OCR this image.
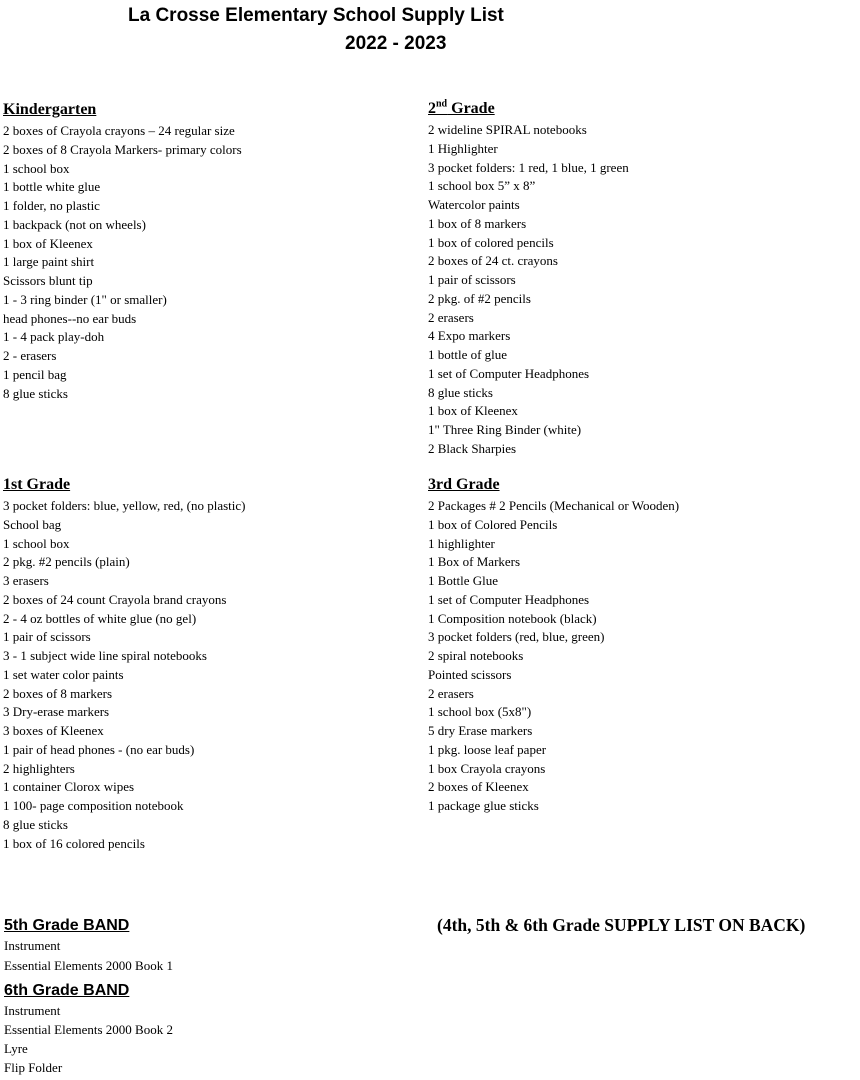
La Crosse Elementary School Supply List
2022 - 2023
Kindergarten
2 boxes of Crayola crayons – 24 regular size
2 boxes of 8 Crayola Markers- primary colors
1 school box
1 bottle white glue
1 folder, no plastic
1 backpack (not on wheels)
1 box of Kleenex
1 large paint shirt
Scissors blunt tip
1 - 3 ring binder (1" or smaller)
head phones--no ear buds
1 - 4 pack play-doh
2 - erasers
1 pencil bag
8 glue sticks
2nd Grade
2 wideline SPIRAL notebooks
1 Highlighter
3 pocket folders: 1 red, 1 blue, 1 green
1 school box 5” x 8”
Watercolor paints
1 box of 8 markers
1 box of colored pencils
2 boxes of 24 ct. crayons
1 pair of scissors
2 pkg. of #2 pencils
2 erasers
4 Expo markers
1 bottle of glue
1 set of Computer Headphones
8 glue sticks
1 box of Kleenex
1" Three Ring Binder (white)
2 Black Sharpies
1st Grade
3 pocket folders: blue, yellow, red, (no plastic)
School bag
1 school box
2 pkg. #2 pencils (plain)
3 erasers
2 boxes of 24 count Crayola brand crayons
2 - 4 oz bottles of white glue (no gel)
1 pair of scissors
3 - 1 subject wide line spiral notebooks
1 set water color paints
2 boxes of 8 markers
3 Dry-erase markers
3 boxes of Kleenex
1 pair of head phones - (no ear buds)
2 highlighters
1 container Clorox wipes
1 100- page composition notebook
8 glue sticks
1 box of 16 colored pencils
3rd Grade
2 Packages # 2 Pencils (Mechanical or Wooden)
1 box of Colored Pencils
1 highlighter
1 Box of Markers
1 Bottle Glue
1 set of Computer Headphones
1 Composition notebook (black)
3 pocket folders (red, blue, green)
2 spiral notebooks
Pointed scissors
2 erasers
1 school box (5x8")
5 dry Erase markers
1 pkg. loose leaf paper
1 box Crayola crayons
2 boxes of Kleenex
1 package glue sticks
5th Grade BAND
Instrument
Essential Elements 2000 Book 1
6th Grade BAND
Instrument
Essential Elements 2000 Book 2
Lyre
Flip Folder
(4th, 5th & 6th Grade SUPPLY LIST ON BACK)
